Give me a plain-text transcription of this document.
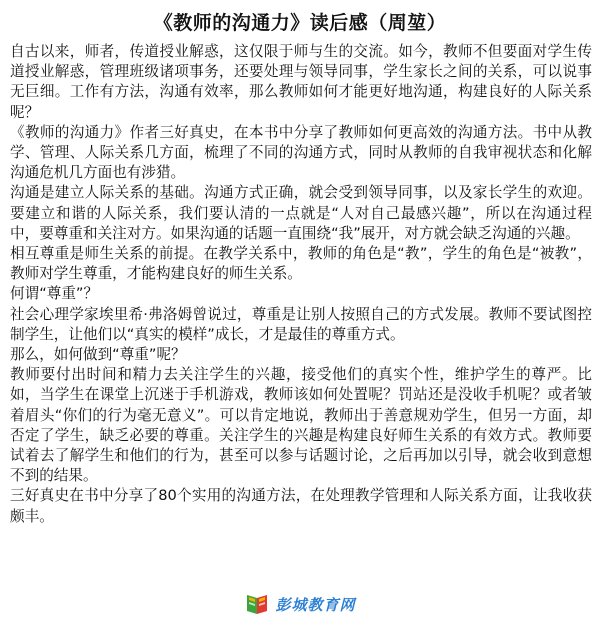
《教师的沟通力》读后感（周堃）

自古以来，师者，传道授业解惑，这仅限于师与生的交流。如今，教师不但要面对学生传道授业解惑，管理班级诸项事务，还要处理与领导同事，学生家长之间的关系，可以说事无巨细。工作有方法，沟通有效率，那么教师如何才能更好地沟通，构建良好的人际关系呢？

《教师的沟通力》作者三好真史，在本书中分享了教师如何更高效的沟通方法。书中从教学、管理、人际关系几方面，梳理了不同的沟通方式，同时从教师的自我审视状态和化解沟通危机几方面也有涉猎。

沟通是建立人际关系的基础。沟通方式正确，就会受到领导同事，以及家长学生的欢迎。要建立和谐的人际关系，我们要认清的一点就是“人对自己最感兴趣”，所以在沟通过程中，要尊重和关注对方。如果沟通的话题一直围绕“我”展开，对方就会缺乏沟通的兴趣。

相互尊重是师生关系的前提。在教学关系中，教师的角色是“教”，学生的角色是“被教”，教师对学生尊重，才能构建良好的师生关系。

何谓“尊重”？

社会心理学家埃里希·弗洛姆曾说过，尊重是让别人按照自己的方式发展。教师不要试图控制学生，让他们以“真实的模样”成长，才是最佳的尊重方式。

那么，如何做到“尊重”呢？

教师要付出时间和精力去关注学生的兴趣，接受他们的真实个性，维护学生的尊严。比如，当学生在课堂上沉迷于手机游戏，教师该如何处置呢？罚站还是没收手机呢？或者皱着眉头“你们的行为毫无意义”。可以肯定地说，教师出于善意规劝学生，但另一方面，却否定了学生，缺乏必要的尊重。关注学生的兴趣是构建良好师生关系的有效方式。教师要试着去了解学生和他们的行为，甚至可以参与话题讨论，之后再加以引导，就会收到意想不到的结果。

三好真史在书中分享了80个实用的沟通方法，在处理教学管理和人际关系方面，让我收获颇丰。

彭城教育网
